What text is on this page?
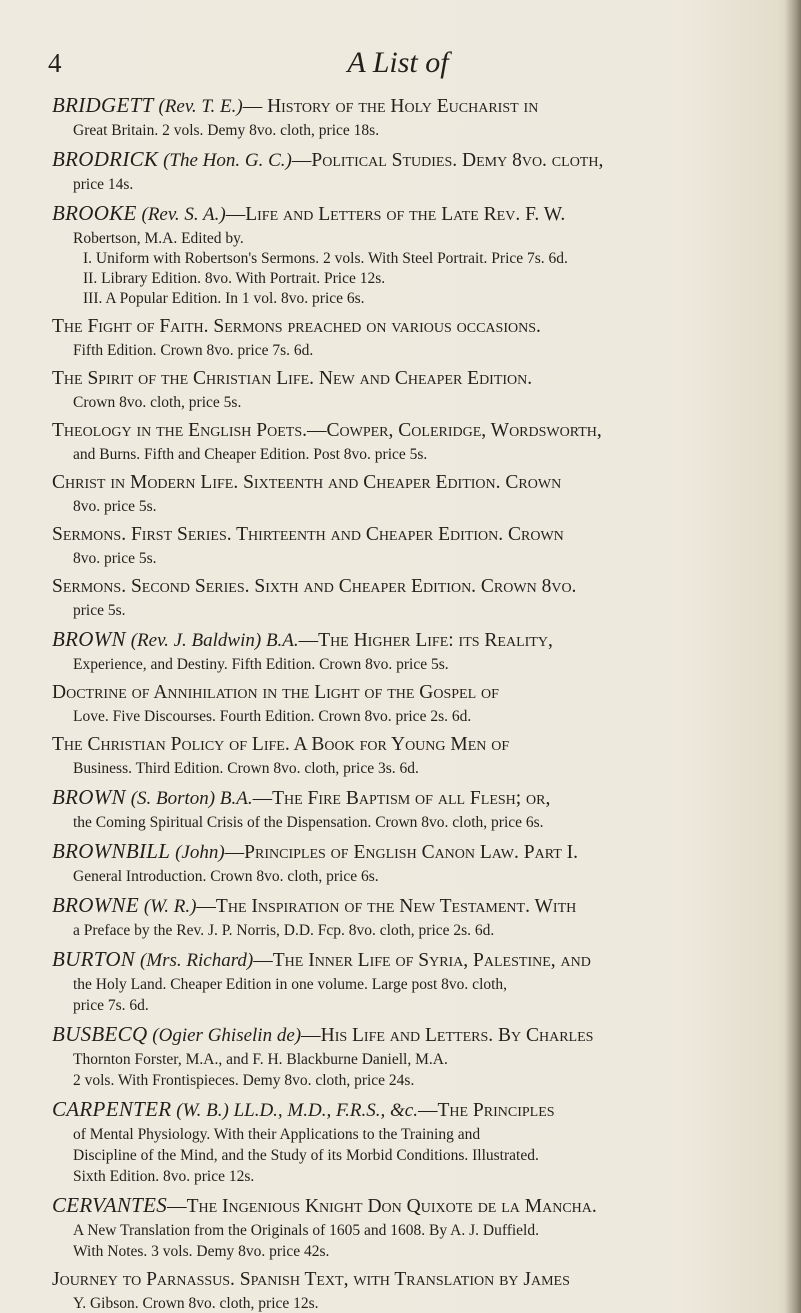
4	A List of
BRIDGETT (Rev. T. E.)— History of the Holy Eucharist in
Great Britain. 2 vols. Demy 8vo. cloth, price 18s.
BRODRICK (The Hon. G. C.)—Political Studies. Demy 8vo. cloth,
price 14s.
BROOKE (Rev. S. A.)—Life and Letters of the Late Rev. F. W.
Robertson, M.A. Edited by.
I. Uniform with Robertson's Sermons. 2 vols. With Steel Portrait. Price 7s. 6d.
II. Library Edition. 8vo. With Portrait. Price 12s.
III. A Popular Edition. In 1 vol. 8vo. price 6s.
The Fight of Faith. Sermons preached on various occasions.
Fifth Edition. Crown 8vo. price 7s. 6d.
The Spirit of the Christian Life. New and Cheaper Edition.
Crown 8vo. cloth, price 5s.
Theology in the English Poets.—Cowper, Coleridge, Wordsworth,
and Burns. Fifth and Cheaper Edition. Post 8vo. price 5s.
Christ in Modern Life. Sixteenth and Cheaper Edition. Crown
8vo. price 5s.
Sermons. First Series. Thirteenth and Cheaper Edition. Crown
8vo. price 5s.
Sermons. Second Series. Sixth and Cheaper Edition. Crown 8vo.
price 5s.
BROWN (Rev. J. Baldwin) B.A.—The Higher Life: its Reality,
Experience, and Destiny. Fifth Edition. Crown 8vo. price 5s.
Doctrine of Annihilation in the Light of the Gospel of
Love. Five Discourses. Fourth Edition. Crown 8vo. price 2s. 6d.
The Christian Policy of Life. A Book for Young Men of
Business. Third Edition. Crown 8vo. cloth, price 3s. 6d.
BROWN (S. Borton) B.A.—The Fire Baptism of all Flesh; or,
the Coming Spiritual Crisis of the Dispensation. Crown 8vo. cloth, price 6s.
BROWNBILL (John)—Principles of English Canon Law. Part I.
General Introduction. Crown 8vo. cloth, price 6s.
BROWNE (W. R.)—The Inspiration of the New Testament. With
a Preface by the Rev. J. P. Norris, D.D. Fcp. 8vo. cloth, price 2s. 6d.
BURTON (Mrs. Richard)—The Inner Life of Syria, Palestine, and
the Holy Land. Cheaper Edition in one volume. Large post 8vo. cloth,
price 7s. 6d.
BUSBECQ (Ogier Ghiselin de)—His Life and Letters. By Charles
Thornton Forster, M.A., and F. H. Blackburne Daniell, M.A.
2 vols. With Frontispieces. Demy 8vo. cloth, price 24s.
CARPENTER (W. B.) LL.D., M.D., F.R.S., &c.—The Principles
of Mental Physiology. With their Applications to the Training and
Discipline of the Mind, and the Study of its Morbid Conditions. Illustrated.
Sixth Edition. 8vo. price 12s.
CERVANTES—The Ingenious Knight Don Quixote de la Mancha.
A New Translation from the Originals of 1605 and 1608. By A. J. Duffield.
With Notes. 3 vols. Demy 8vo. price 42s.
Journey to Parnassus. Spanish Text, with Translation by James
Y. Gibson. Crown 8vo. cloth, price 12s.
